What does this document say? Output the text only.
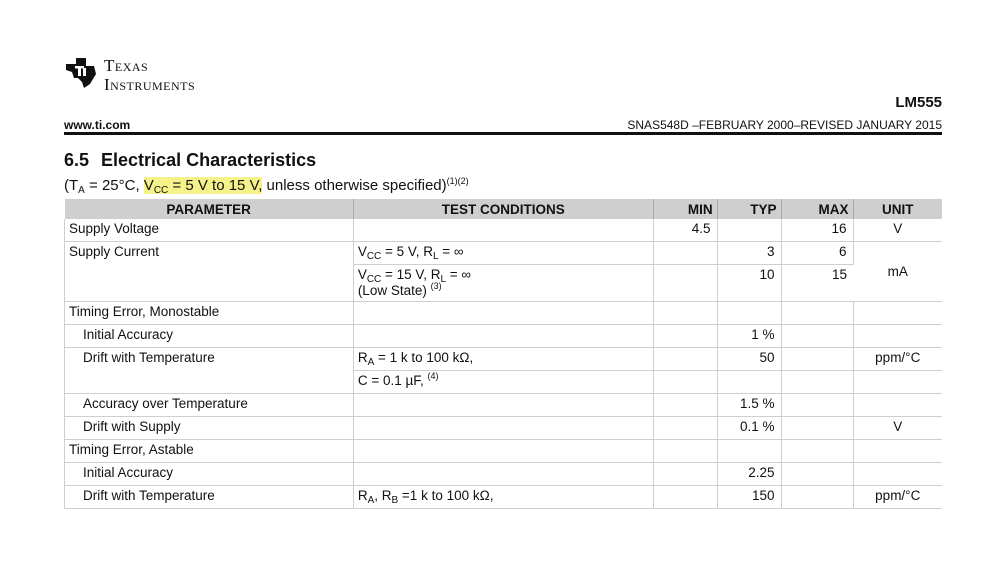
Texas
Instruments
LM555
www.ti.com	SNAS548D –FEBRUARY 2000–REVISED JANUARY 2015
6.5 Electrical Characteristics
($T_A = 25^\circ C$, $V_{CC} = 5$ V to 15 V, unless otherwise specified)$^{(1)(2)}$
PARAMETER	TEST CONDITIONS	MIN	TYP	MAX	UNIT
Supply Voltage		4.5		16	V
Supply Current	$V_{CC} = 5$ V, $R_L$ = ∞		3	6	mA
	$V_{CC} = 15$ V, $R_L$ = ∞
(Low State) $^{(3)}$		10	15	
Timing Error, Monostable					
Initial Accuracy			1 %		
Drift with Temperature	$R_A = 1$ k to 100 kΩ,		50		ppm/°C
	C = 0.1 µF, $^{(4)}$				
Accuracy over Temperature			1.5 %		
Drift with Supply			0.1 %		V
Timing Error, Astable					
Initial Accuracy			2.25		
Drift with Temperature	$R_A$, $R_B =1$ k to 100 kΩ,		150		ppm/°C
